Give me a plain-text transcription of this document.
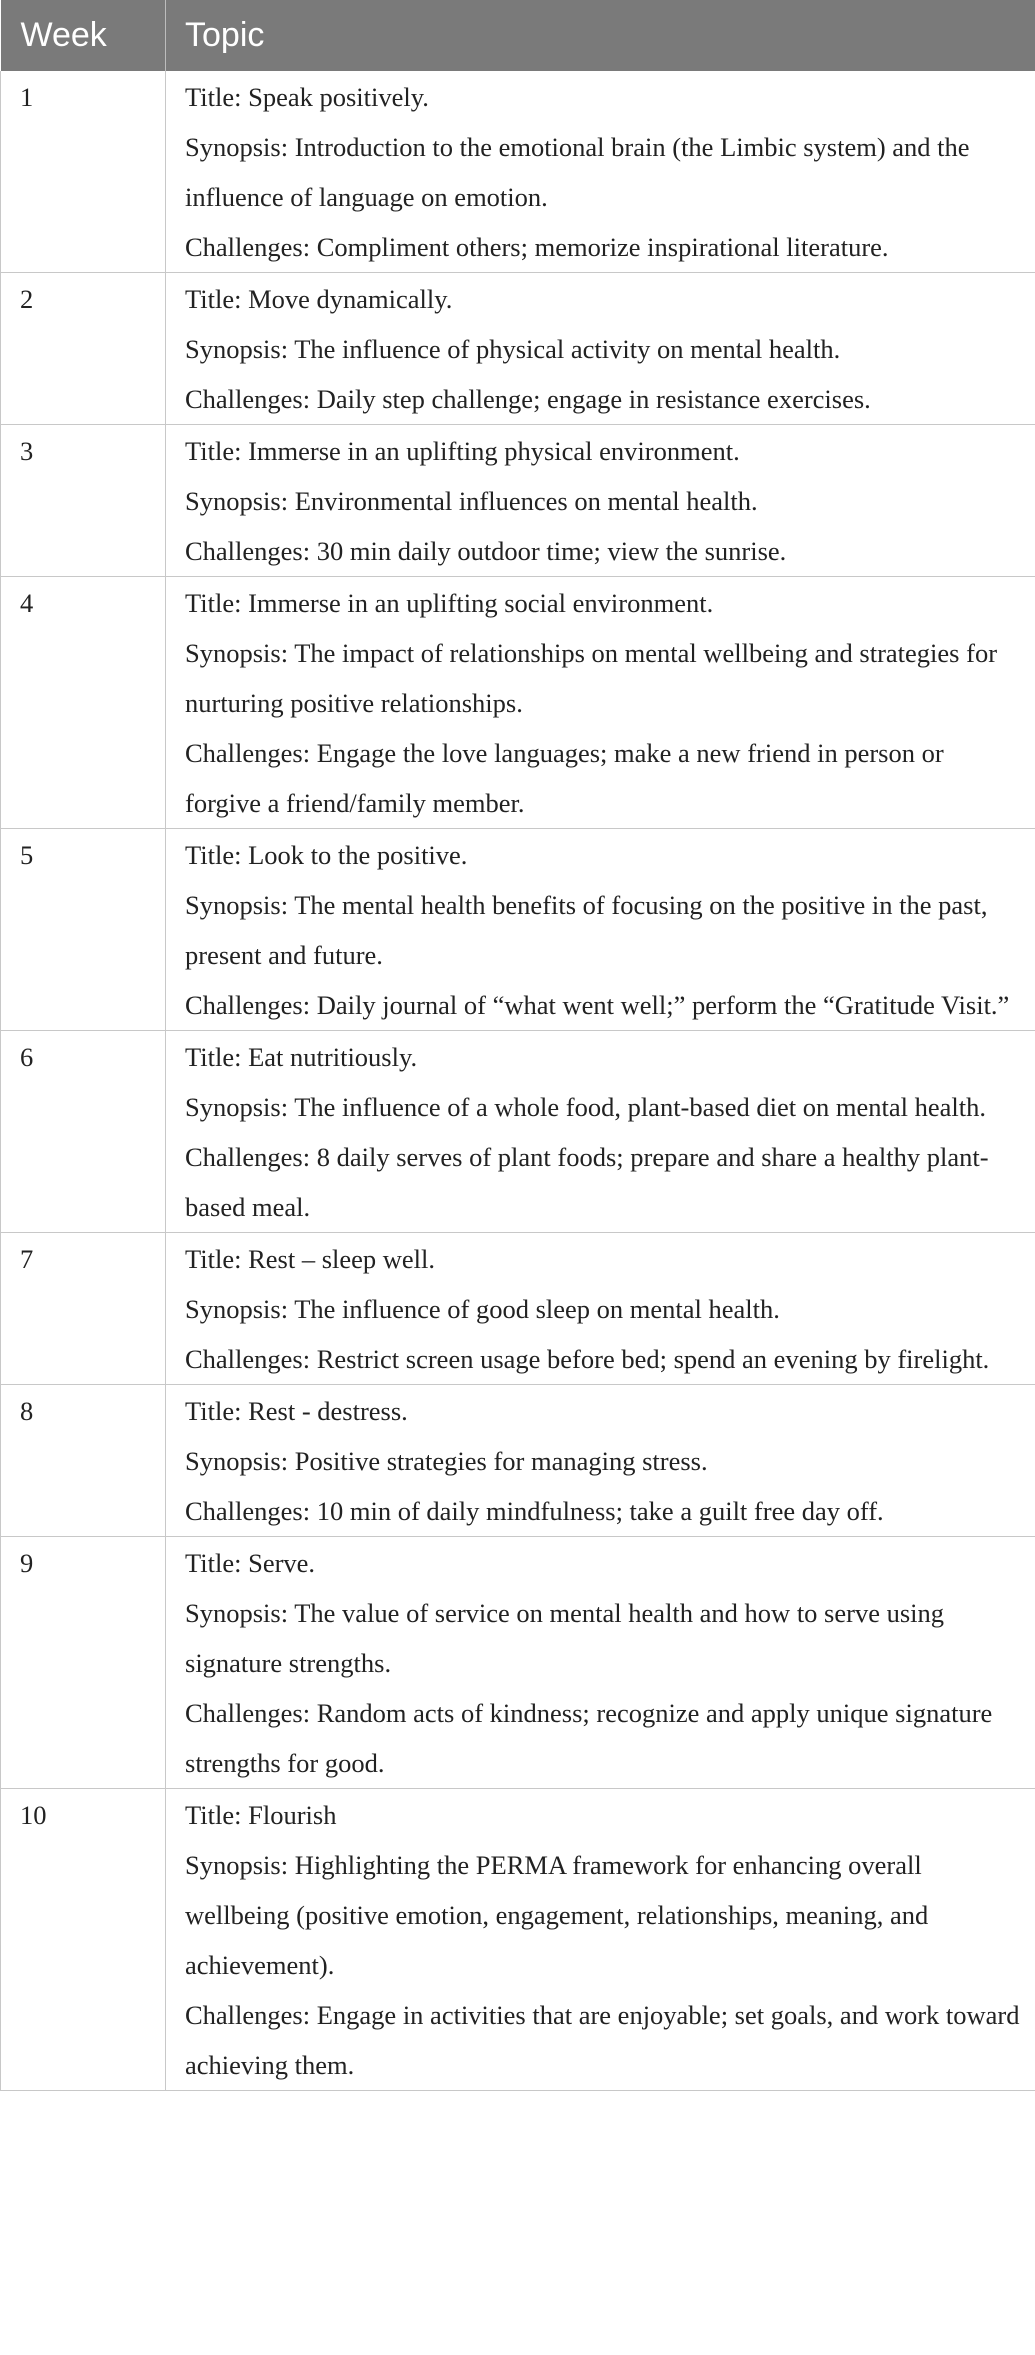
Week	Topic

1	Title: Speak positively.
Synopsis: Introduction to the emotional brain (the Limbic system) and the influence of language on emotion.
Challenges: Compliment others; memorize inspirational literature.

2	Title: Move dynamically.
Synopsis: The influence of physical activity on mental health.
Challenges: Daily step challenge; engage in resistance exercises.

3	Title: Immerse in an uplifting physical environment.
Synopsis: Environmental influences on mental health.
Challenges: 30 min daily outdoor time; view the sunrise.

4	Title: Immerse in an uplifting social environment.
Synopsis: The impact of relationships on mental wellbeing and strategies for nurturing positive relationships.
Challenges: Engage the love languages; make a new friend in person or forgive a friend/family member.

5	Title: Look to the positive.
Synopsis: The mental health benefits of focusing on the positive in the past, present and future.
Challenges: Daily journal of “what went well;” perform the “Gratitude Visit.”

6	Title: Eat nutritiously.
Synopsis: The influence of a whole food, plant-based diet on mental health.
Challenges: 8 daily serves of plant foods; prepare and share a healthy plant-based meal.

7	Title: Rest – sleep well.
Synopsis: The influence of good sleep on mental health.
Challenges: Restrict screen usage before bed; spend an evening by firelight.

8	Title: Rest - destress.
Synopsis: Positive strategies for managing stress.
Challenges: 10 min of daily mindfulness; take a guilt free day off.

9	Title: Serve.
Synopsis: The value of service on mental health and how to serve using signature strengths.
Challenges: Random acts of kindness; recognize and apply unique signature strengths for good.

10	Title: Flourish
Synopsis: Highlighting the PERMA framework for enhancing overall wellbeing (positive emotion, engagement, relationships, meaning, and achievement).
Challenges: Engage in activities that are enjoyable; set goals, and work toward achieving them.
